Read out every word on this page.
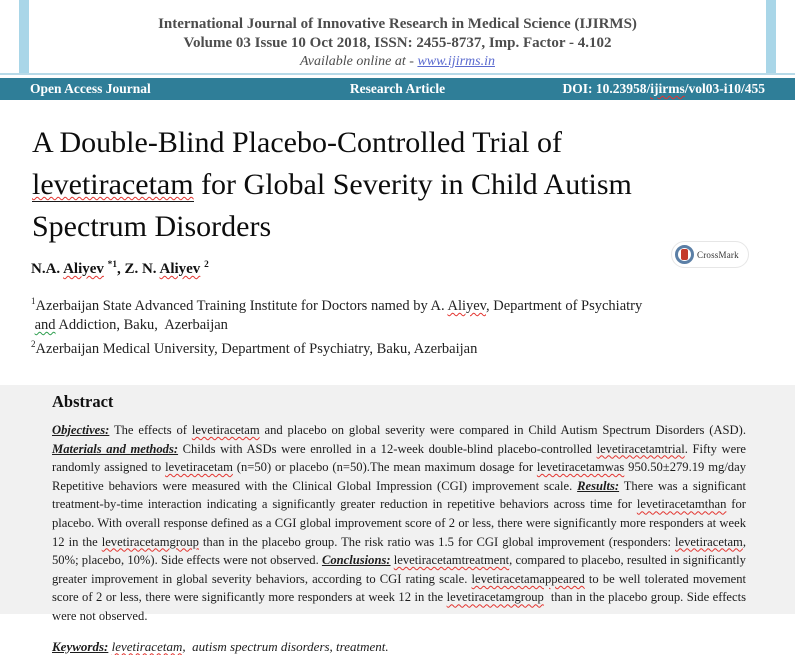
International Journal of Innovative Research in Medical Science (IJIRMS)

Volume 03 Issue 10 Oct 2018, ISSN: 2455-8737, Imp. Factor - 4.102

Available online at - www.ijirms.in

Open Access Journal	Research Article	DOI: 10.23958/ijirms/vol03-i10/455
A Double-Blind Placebo-Controlled Trial of
levetiracetam for Global Severity in Child Autism
Spectrum Disorders
CrossMark
N.A. Aliyev $^{*1}$, Z. N. Aliyev $^2$

$^1$Azerbaijan State Advanced Training Institute for Doctors named by A. Aliyev, Department of Psychiatry

and Addiction, Baku,  Azerbaijan

$^2$Azerbaijan Medical University, Department of Psychiatry, Baku, Azerbaijan

Abstract

Objectives: The effects of levetiracetam and placebo on global severity were compared in Child Autism Spectrum Disorders (ASD). Materials and methods: Childs with ASDs were enrolled in a 12-week double-blind placebo-controlled levetiracetamtrial. Fifty were randomly assigned to levetiracetam (n=50) or placebo (n=50).The mean maximum dosage for levetiracetamwas 950.50±279.19 mg/day Repetitive behaviors were measured with the Clinical Global Impression (CGI) improvement scale. Results: There was a significant treatment-by-time interaction indicating a significantly greater reduction in repetitive behaviors across time for levetiracetamthan for placebo. With overall response defined as a CGI global improvement score of 2 or less, there were significantly more responders at week 12 in the levetiracetamgroup than in the placebo group. The risk ratio was 1.5 for CGI global improvement (responders: levetiracetam, 50%; placebo, 10%). Side effects were not observed. Conclusions: levetiracetamtreatment, compared to placebo, resulted in significantly greater improvement in global severity behaviors, according to CGI rating scale. levetiracetamappeared to be well tolerated movement score of 2 or less, there were significantly more responders at week 12 in the levetiracetamgroup  than in the placebo group. Side effects were not observed.

Keywords: levetiracetam,  autism spectrum disorders, treatment.
